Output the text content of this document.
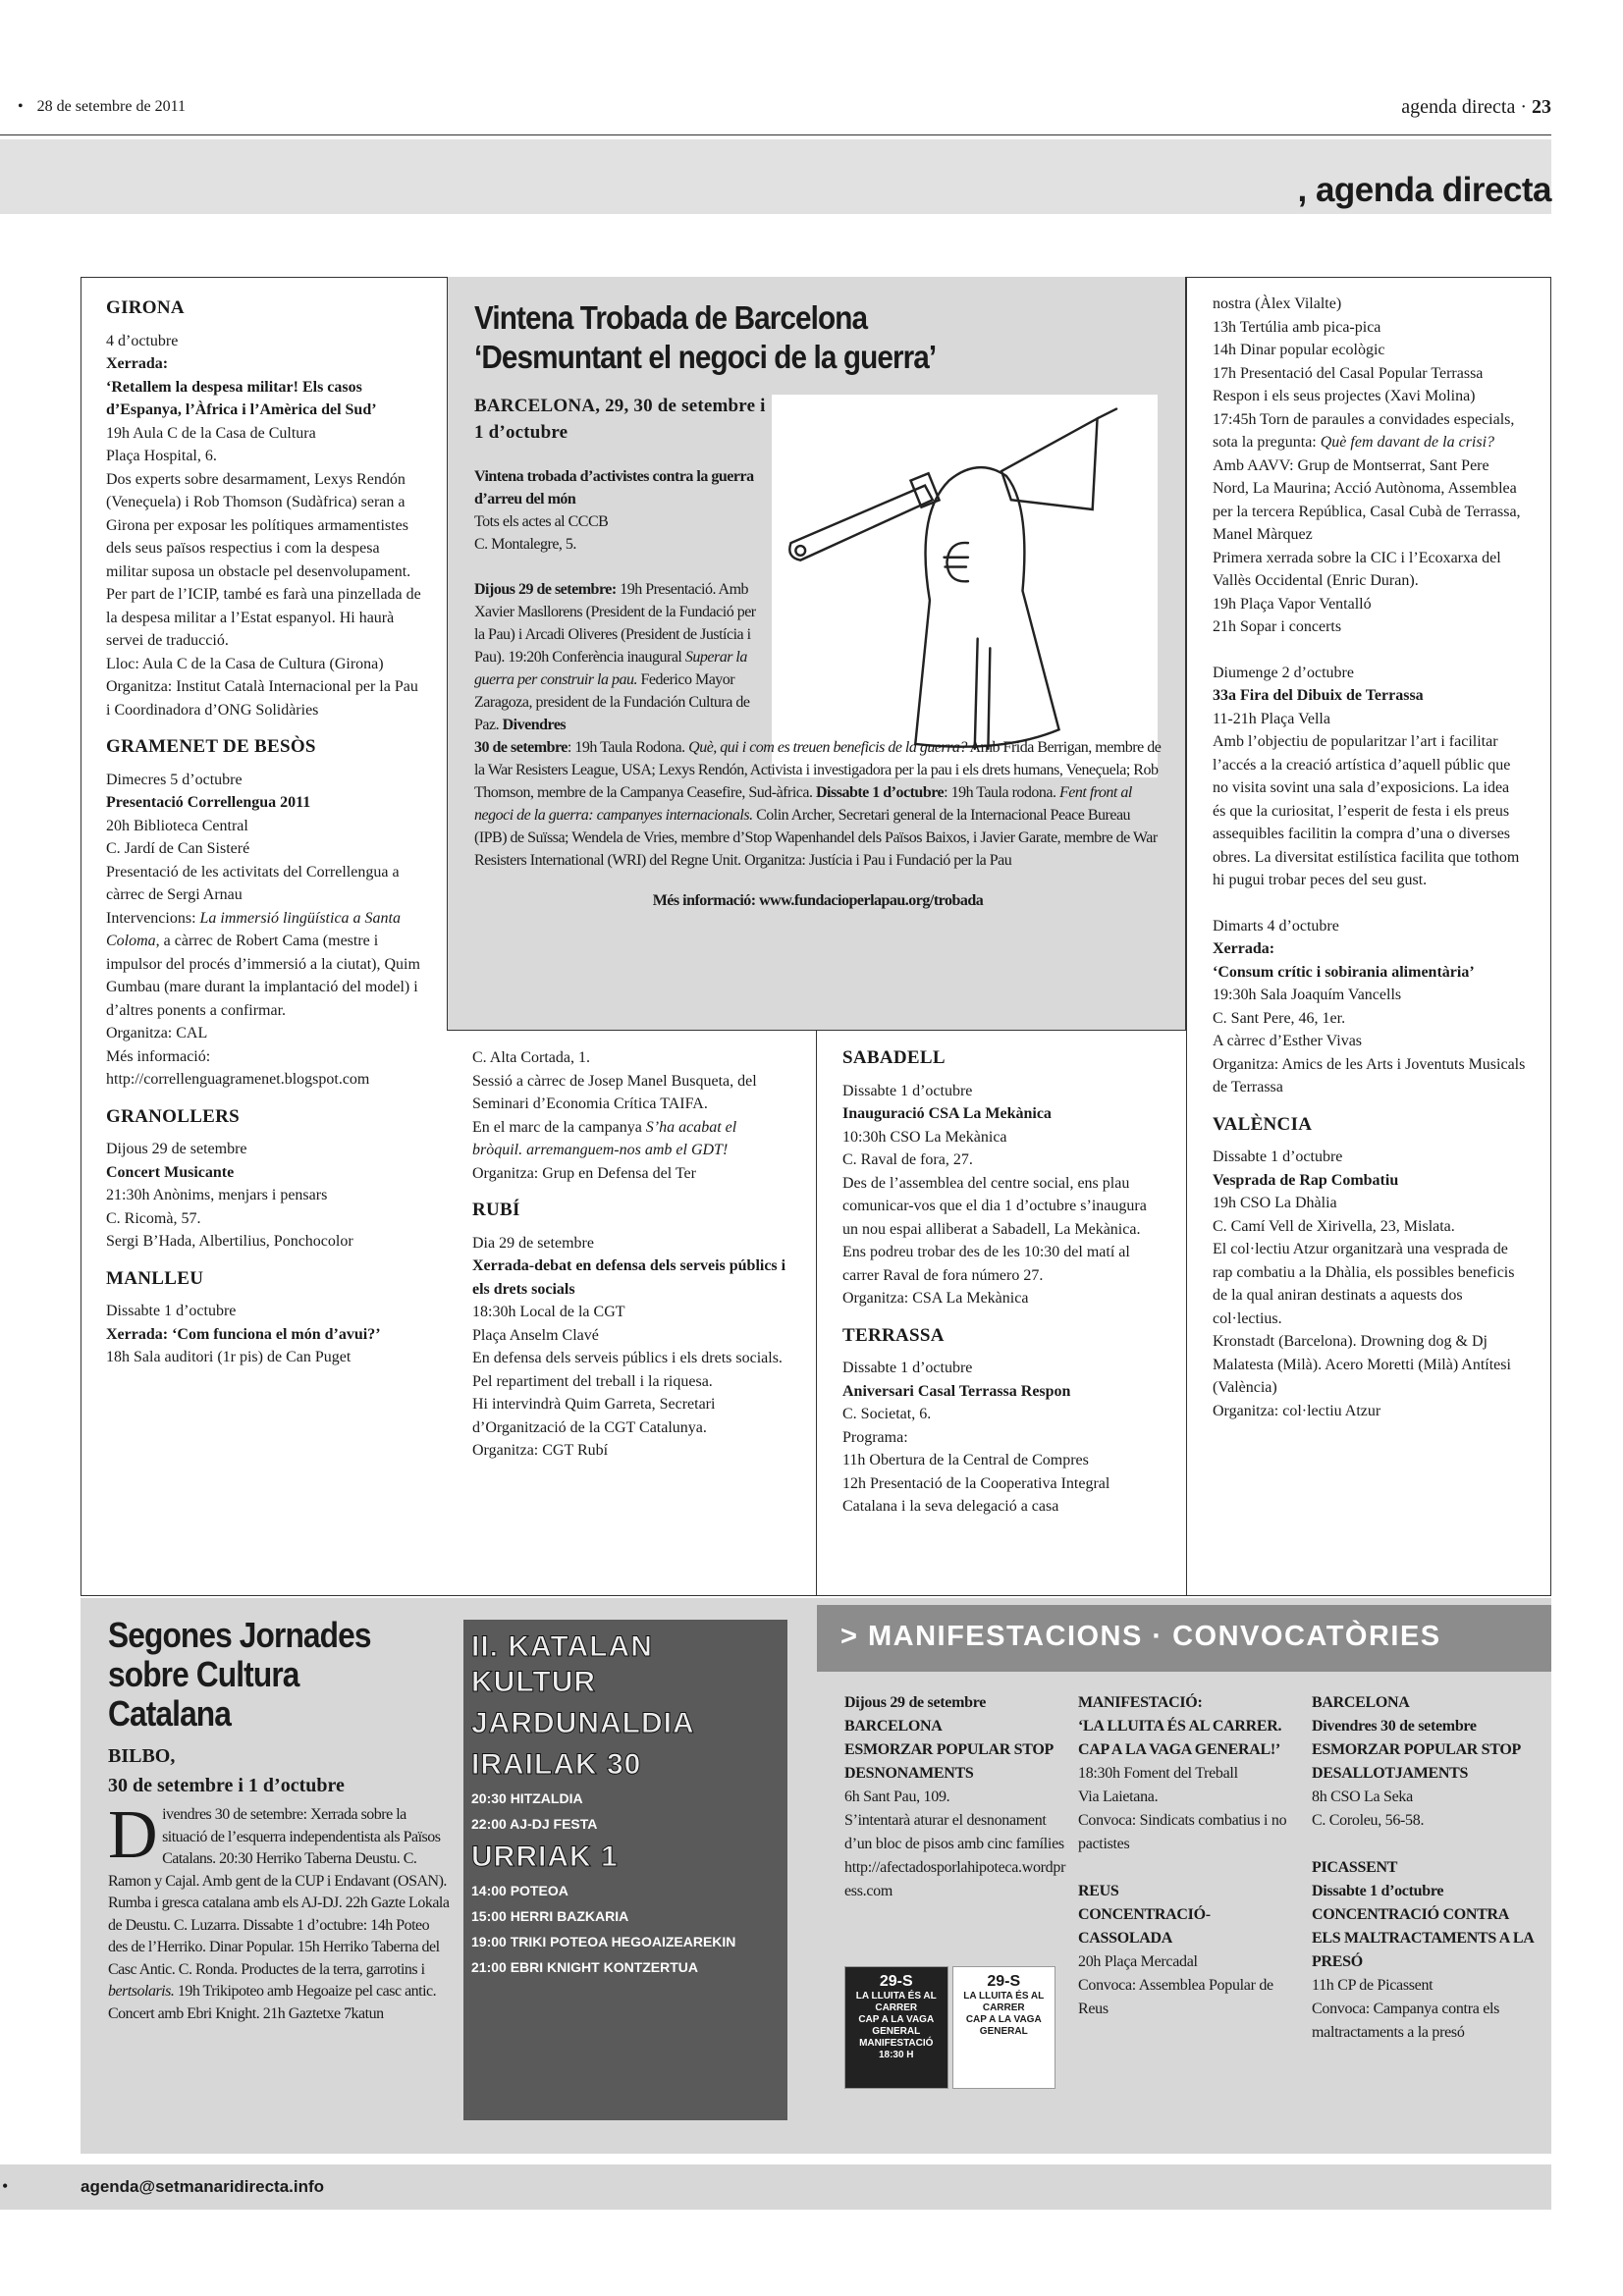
• 28 de setembre de 2011	agenda directa · 23
, agenda directa
GIRONA
4 d’octubre
Xerrada:
‘Retallem la despesa militar! Els casos d’Espanya, l’Àfrica i l’Amèrica del Sud’
19h Aula C de la Casa de Cultura
Plaça Hospital, 6.
Dos experts sobre desarmament, Lexys Rendón (Veneçuela) i Rob Thomson (Sudàfrica) seran a Girona per exposar les polítiques armamentistes dels seus països respectius i com la despesa militar suposa un obstacle pel desenvolupament. Per part de l’ICIP, també es farà una pinzellada de la despesa militar a l’Estat espanyol. Hi haurà servei de traducció.
Lloc: Aula C de la Casa de Cultura (Girona)
Organitza: Institut Català Internacional per la Pau i Coordinadora d’ONG Solidàries
GRAMENET DE BESÒS
Dimecres 5 d’octubre
Presentació Correllengua 2011
20h Biblioteca Central
C. Jardí de Can Sisteré
Presentació de les activitats del Correllengua a càrrec de Sergi Arnau
Intervencions: La immersió lingüística a Santa Coloma, a càrrec de Robert Cama (mestre i impulsor del procés d’immersió a la ciutat), Quim Gumbau (mare durant la implantació del model) i d’altres ponents a confirmar.
Organitza: CAL
Més informació: http://correllenguagramenet.blogspot.com
GRANOLLERS
Dijous 29 de setembre
Concert Musicante
21:30h Anònims, menjars i pensars
C. Ricomà, 57.
Sergi B’Hada, Albertilius, Ponchocolor
MANLLEU
Dissabte 1 d’octubre
Xerrada: ‘Com funciona el món d’avui?’
18h Sala auditori (1r pis) de Can Puget
Vintena Trobada de Barcelona
‘Desmuntant el negoci de la guerra’
BARCELONA, 29, 30 de setembre i 1 d’octubre
Vintena trobada d’activistes contra la guerra d’arreu del món
Tots els actes al CCCB
C. Montalegre, 5.
Dijous 29 de setembre: 19h Presentació. Amb Xavier Masllorens (President de la Fundació per la Pau) i Arcadi Oliveres (President de Justícia i Pau). 19:20h Conferència inaugural Superar la guerra per construir la pau. Federico Mayor Zaragoza, president de la Fundación Cultura de Paz. Divendres
30 de setembre: 19h Taula Rodona. Què, qui i com es treuen beneficis de la guerra? Amb Frida Berrigan, membre de la War Resisters League, USA; Lexys Rendón, Activista i investigadora per la pau i els drets humans, Veneçuela; Rob Thomson, membre de la Campanya Ceasefire, Sud-àfrica. Dissabte 1 d’octubre: 19h Taula rodona. Fent front al negoci de la guerra: campanyes internacionals. Colin Archer, Secretari general de la Internacional Peace Bureau (IPB) de Suïssa; Wendela de Vries, membre d’Stop Wapenhandel dels Països Baixos, i Javier Garate, membre de War Resisters International (WRI) del Regne Unit. Organitza: Justícia i Pau i Fundació per la Pau
Més informació: www.fundacioperlapau.org/trobada
C. Alta Cortada, 1.
Sessió a càrrec de Josep Manel Busqueta, del Seminari d’Economia Crítica TAIFA.
En el marc de la campanya S’ha acabat el bròquil. arremanguem-nos amb el GDT!
Organitza: Grup en Defensa del Ter
RUBÍ
Dia 29 de setembre
Xerrada-debat en defensa dels serveis públics i els drets socials
18:30h Local de la CGT
Plaça Anselm Clavé
En defensa dels serveis públics i els drets socials. Pel repartiment del treball i la riquesa.
Hi intervindrà Quim Garreta, Secretari d’Organització de la CGT Catalunya.
Organitza: CGT Rubí
SABADELL
Dissabte 1 d’octubre
Inauguració CSA La Mekànica
10:30h CSO La Mekànica
C. Raval de fora, 27.
Des de l’assemblea del centre social, ens plau comunicar-vos que el dia 1 d’octubre s’inaugura un nou espai alliberat a Sabadell, La Mekànica. Ens podreu trobar des de les 10:30 del matí al carrer Raval de fora número 27.
Organitza: CSA La Mekànica
TERRASSA
Dissabte 1 d’octubre
Aniversari Casal Terrassa Respon
C. Societat, 6.
Programa:
11h Obertura de la Central de Compres
12h Presentació de la Cooperativa Integral Catalana i la seva delegació a casa
nostra (Àlex Vilalte)
13h Tertúlia amb pica-pica
14h Dinar popular ecològic
17h Presentació del Casal Popular Terrassa Respon i els seus projectes (Xavi Molina)
17:45h Torn de paraules a convidades especials, sota la pregunta: Què fem davant de la crisi?
Amb AAVV: Grup de Montserrat, Sant Pere Nord, La Maurina; Acció Autònoma, Assemblea per la tercera República, Casal Cubà de Terrassa, Manel Màrquez
Primera xerrada sobre la CIC i l’Ecoxarxa del Vallès Occidental (Enric Duran).
19h Plaça Vapor Ventalló
21h Sopar i concerts
Diumenge 2 d’octubre
33a Fira del Dibuix de Terrassa
11-21h Plaça Vella
Amb l’objectiu de popularitzar l’art i facilitar l’accés a la creació artística d’aquell públic que no visita sovint una sala d’exposicions. La idea és que la curiositat, l’esperit de festa i els preus assequibles facilitin la compra d’una o diverses obres. La diversitat estilística facilita que tothom hi pugui trobar peces del seu gust.
Dimarts 4 d’octubre
Xerrada:
‘Consum crític i sobirania alimentària’
19:30h Sala Joaquím Vancells
C. Sant Pere, 46, 1er.
A càrrec d’Esther Vivas
Organitza: Amics de les Arts i Joventuts Musicals de Terrassa
VALÈNCIA
Dissabte 1 d’octubre
Vesprada de Rap Combatiu
19h CSO La Dhàlia
C. Camí Vell de Xirivella, 23, Mislata.
El col·lectiu Atzur organitzarà una vesprada de rap combatiu a la Dhàlia, els possibles beneficis de la qual aniran destinats a aquests dos col·lectius.
Kronstadt (Barcelona). Drowning dog & Dj Malatesta (Milà). Acero Moretti (Milà) Antítesi (València)
Organitza: col·lectiu Atzur
Segones Jornades
sobre Cultura
Catalana
BILBO,
30 de setembre i 1 d’octubre
Divendres 30 de setembre: Xerrada sobre la situació de l’esquerra independentista als Països Catalans. 20:30 Herriko Taberna Deustu. C. Ramon y Cajal. Amb gent de la CUP i Endavant (OSAN). Rumba i gresca catalana amb els AJ-DJ. 22h Gazte Lokala de Deustu. C. Luzarra. Dissabte 1 d’octubre: 14h Poteo des de l’Herriko. Dinar Popular. 15h Herriko Taberna del Casc Antic. C. Ronda. Productes de la terra, garrotins i bertsolaris. 19h Trikipoteo amb Hegoaize pel casc antic. Concert amb Ebri Knight. 21h Gaztetxe 7katun
II. KATALAN KULTUR
JARDUNALDIA
IRAILAK 30
20:30 HITZALDIA
22:00 AJ-DJ FESTA
URRIAK 1
14:00 POTEOA
15:00 HERRI BAZKARIA
19:00 TRIKI POTEOA HEGOAIZEAREKIN
21:00 EBRI KNIGHT KONTZERTUA
> MANIFESTACIONS · CONVOCATÒRIES
Dijous 29 de setembre
BARCELONA
ESMORZAR POPULAR STOP DESNONAMENTS
6h Sant Pau, 109.
S’intentarà aturar el desnonament d’un bloc de pisos amb cinc famílies
http://afectadosporlahipoteca.wordpress.com
MANIFESTACIÓ:
‘LA LLUITA ÉS AL CARRER. CAP A LA VAGA GENERAL!’
18:30h Foment del Treball
Via Laietana.
Convoca: Sindicats combatius i no pactistes
REUS
CONCENTRACIÓ-CASSOLADA
20h Plaça Mercadal
Convoca: Assemblea Popular de Reus
BARCELONA
Divendres 30 de setembre
ESMORZAR POPULAR STOP DESALLOTJAMENTS
8h CSO La Seka
C. Coroleu, 56-58.
PICASSENT
Dissabte 1 d’octubre
CONCENTRACIÓ CONTRA ELS MALTRACTAMENTS A LA PRESÓ
11h CP de Picassent
Convoca: Campanya contra els maltractaments a la presó
29-S
LA LLUITA ÉS AL CARRER
CAP A LA VAGA GENERAL
MANIFESTACIÓ 18:30 H
29-S
LA LLUITA ÉS AL CARRER
CAP A LA VAGA GENERAL
•	agenda@setmanaridirecta.info
